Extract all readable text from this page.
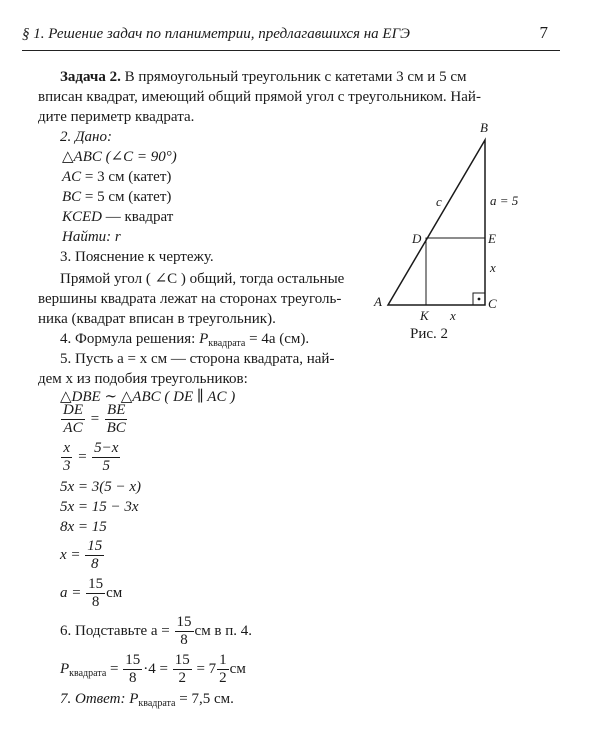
§ 1. Решение задач по планиметрии, предлагавшихся на ЕГЭ	7
Задача 2. В прямоугольный треугольник с катетами 3 см и 5 см
вписан квадрат, имеющий общий прямой угол с треугольником. Най-
дите периметр квадрата.
2. Дано:
△ABC (∠C = 90°)
AC = 3 см (катет)
BC = 5 см (катет)
KCED — квадрат
Найти: r
3. Пояснение к чертежу.
Прямой угол ( ∠C ) общий, тогда остальные
вершины квадрата лежат на сторонах треуголь-
ника (квадрат вписан в треугольник).
4. Формула решения: $P_{квадрата} = 4a$ (см).
5. Пусть a = x см — сторона квадрата, най-
дем x из подобия треугольников:
△DBE ∼ △ABC ( DE ∥ AC )
$\frac{DE}{AC} = \frac{BE}{BC}$
$\frac{x}{3} = \frac{5-x}{5}$
5x = 3(5 − x)
5x = 15 − 3x
8x = 15
$x = \frac{15}{8}$
$a = \frac{15}{8}$ см
6. Подставьте $a = \frac{15}{8}$ см в п. 4.
$P_{квадрата} = \frac{15}{8} \cdot 4 = \frac{15}{2} = 7 \frac{1}{2}$ см
7. Ответ: $P_{квадрата} = 7,5$ см.
B
A	C
D	E
K
c	a = 5
x
x
Рис. 2
